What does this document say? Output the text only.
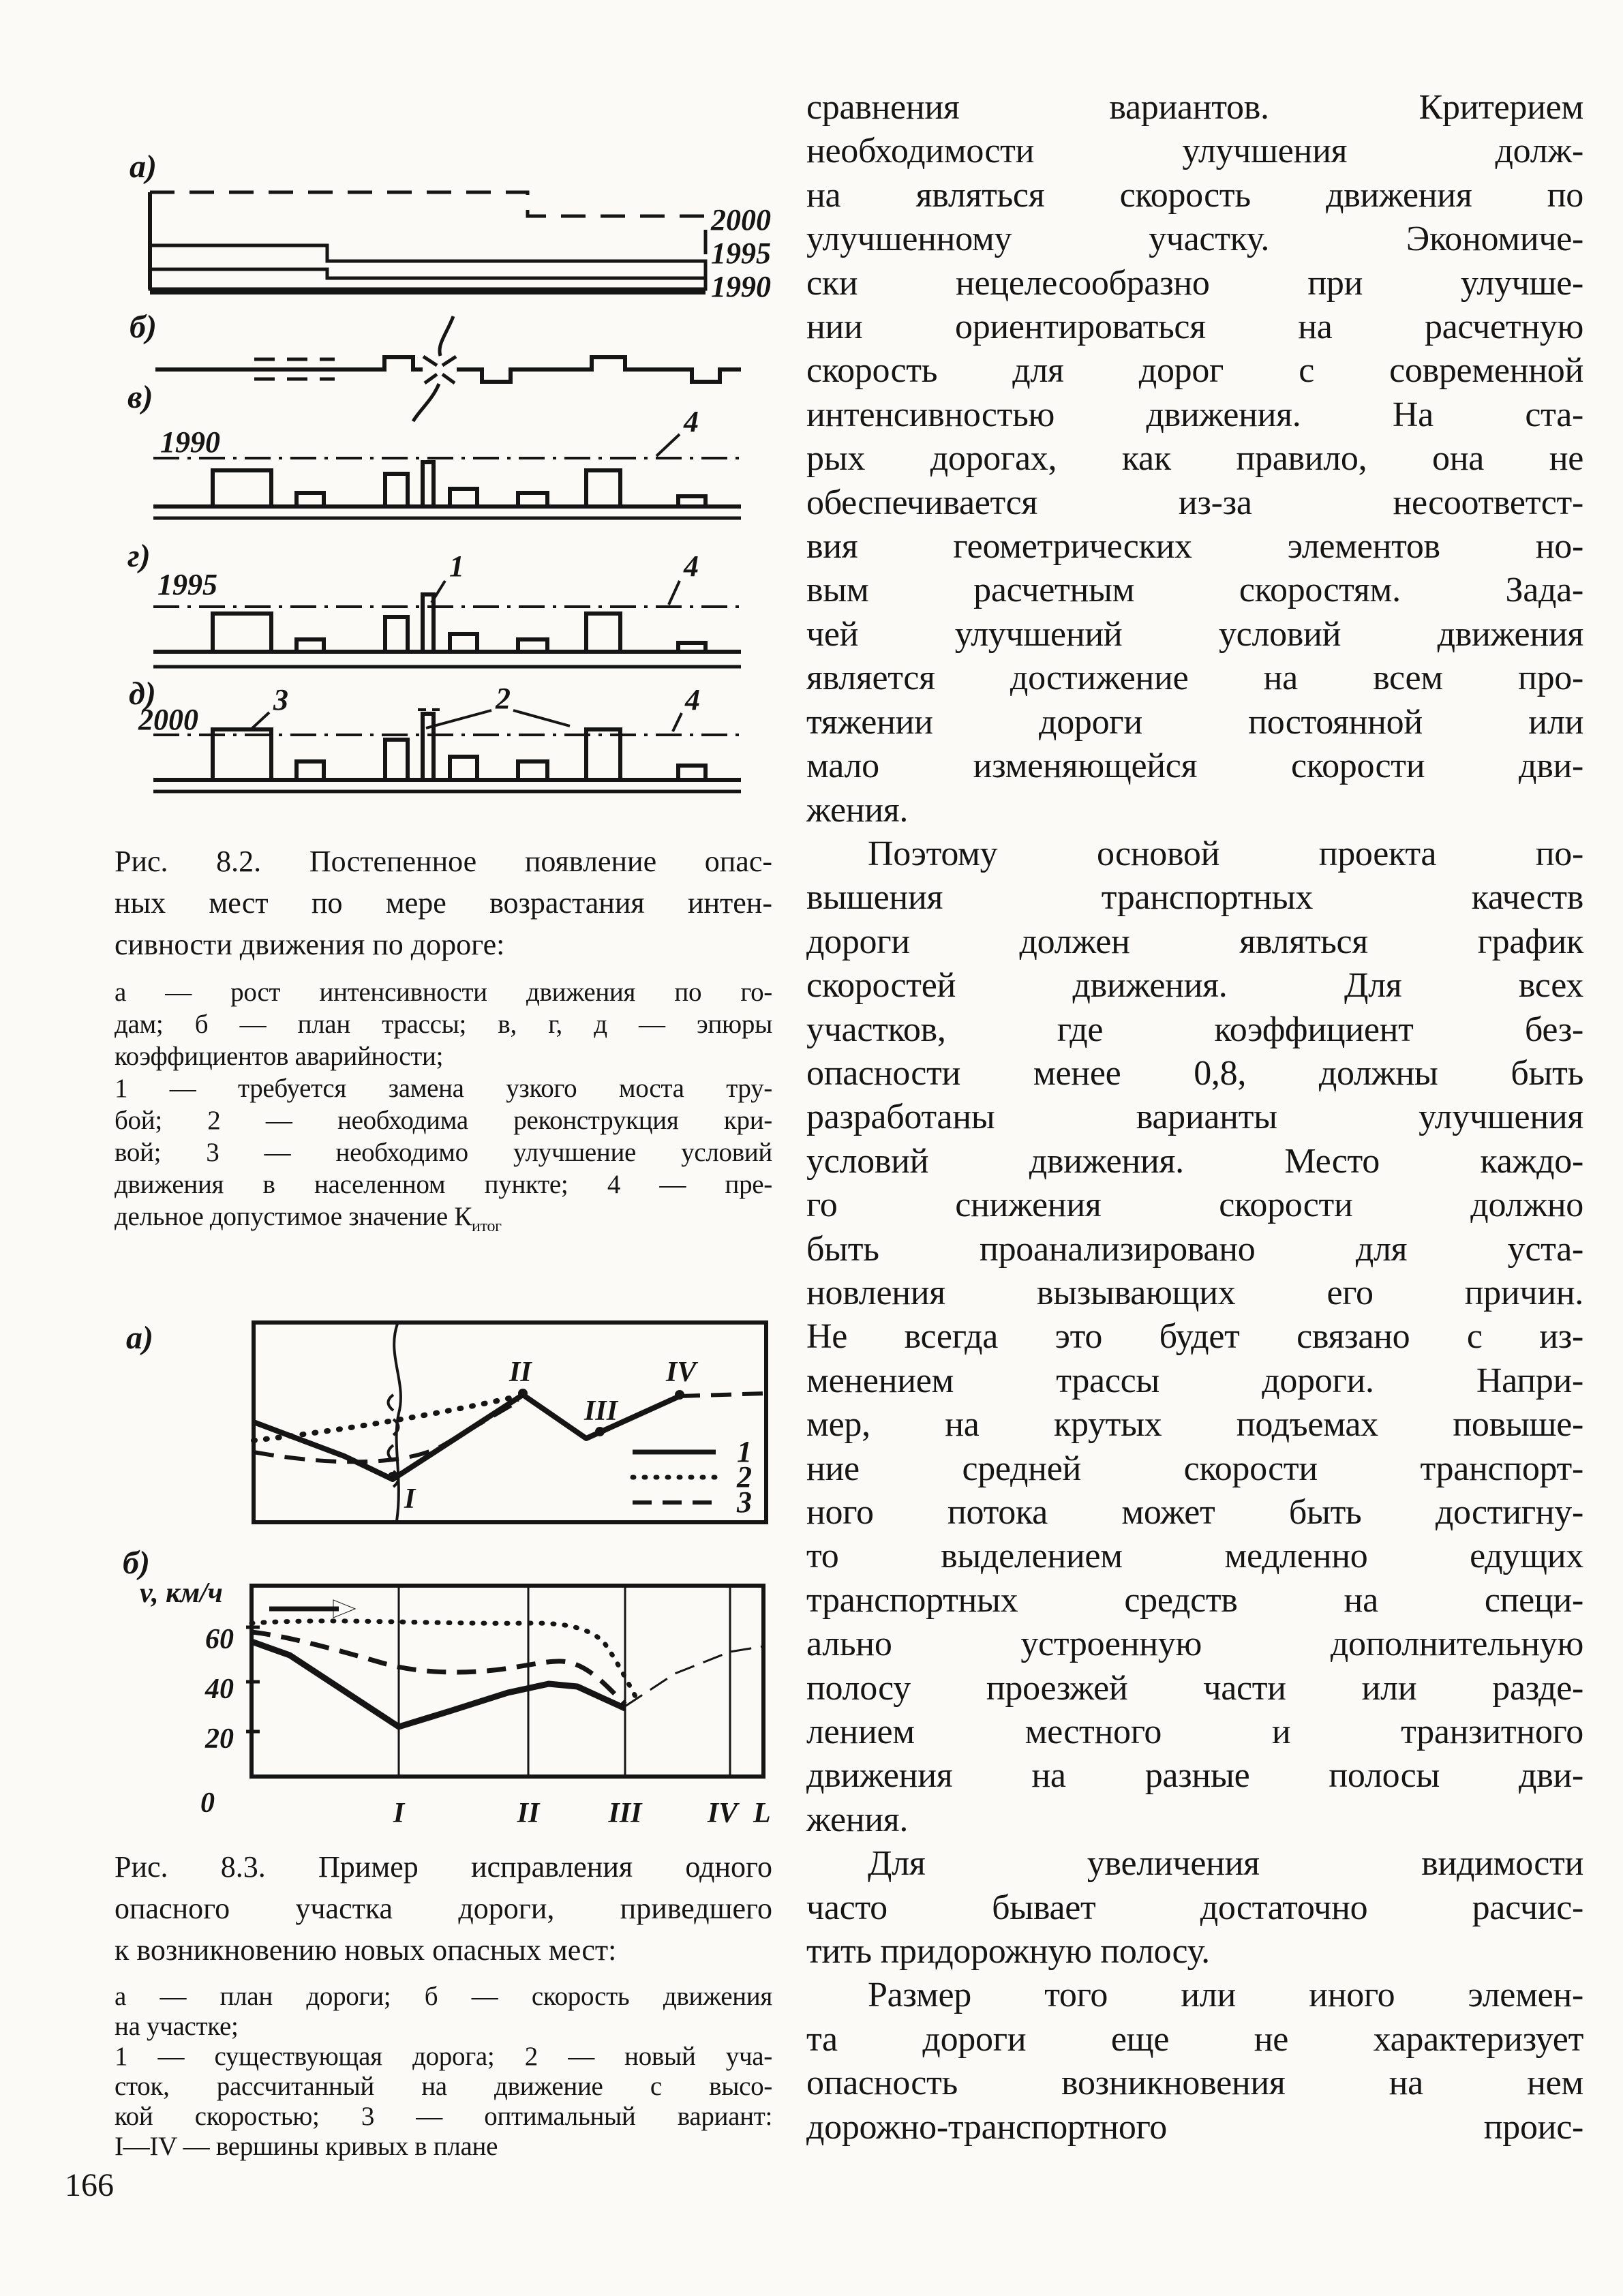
а)
2000
1995
1990
б)
в)
1990
4
г)
1995
1	4
д)
2000
3	2	4
Рис. 8.2. Постепенное появление опас-
ных мест по мере возрастания интен-
сивности движения по дороге:
а — рост интенсивности движения по го-
дам; б — план трассы; в, г, д — эпюры
коэффициентов аварийности;
1 — требуется замена узкого моста тру-
бой; 2 — необходима реконструкция кри-
вой; 3 — необходимо улучшение условий
движения в населенном пункте; 4 — пре-
дельное допустимое значение $К_{итог}$
а)
II
III
IV
I
1
2
3
б)
v, км/ч
60
40
20
0	I	II III IV L
Рис. 8.3. Пример исправления одного
опасного участка дороги, приведшего
к возникновению новых опасных мест:
а — план дороги; б — скорость движения
на участке;
1 — существующая дорога; 2 — новый уча-
сток, рассчитанный на движение с высо-
кой скоростью; 3 — оптимальный вариант:
I—IV — вершины кривых в плане
сравнения вариантов. Критерием
необходимости улучшения долж-
на являться скорость движения по
улучшенному участку. Экономиче-
ски нецелесообразно при улучше-
нии ориентироваться на расчетную
скорость для дорог с современной
интенсивностью движения. На ста-
рых дорогах, как правило, она не
обеспечивается из-за несоответст-
вия геометрических элементов но-
вым расчетным скоростям. Зада-
чей улучшений условий движения
является достижение на всем про-
тяжении дороги постоянной или
мало изменяющейся скорости дви-
жения.
Поэтому основой проекта по-
вышения транспортных качеств
дороги должен являться график
скоростей движения. Для всех
участков, где коэффициент без-
опасности менее 0,8, должны быть
разработаны варианты улучшения
условий движения. Место каждо-
го снижения скорости должно
быть проанализировано для уста-
новления вызывающих его причин.
Не всегда это будет связано с из-
менением трассы дороги. Напри-
мер, на крутых подъемах повыше-
ние средней скорости транспорт-
ного потока может быть достигну-
то выделением медленно едущих
транспортных средств на специ-
ально устроенную дополнительную
полосу проезжей части или разде-
лением местного и транзитного
движения на разные полосы дви-
жения.
Для увеличения видимости
часто бывает достаточно расчис-
тить придорожную полосу.
Размер того или иного элемен-
та дороги еще не характеризует
опасность возникновения на нем
дорожно-транспортного проис-
166
